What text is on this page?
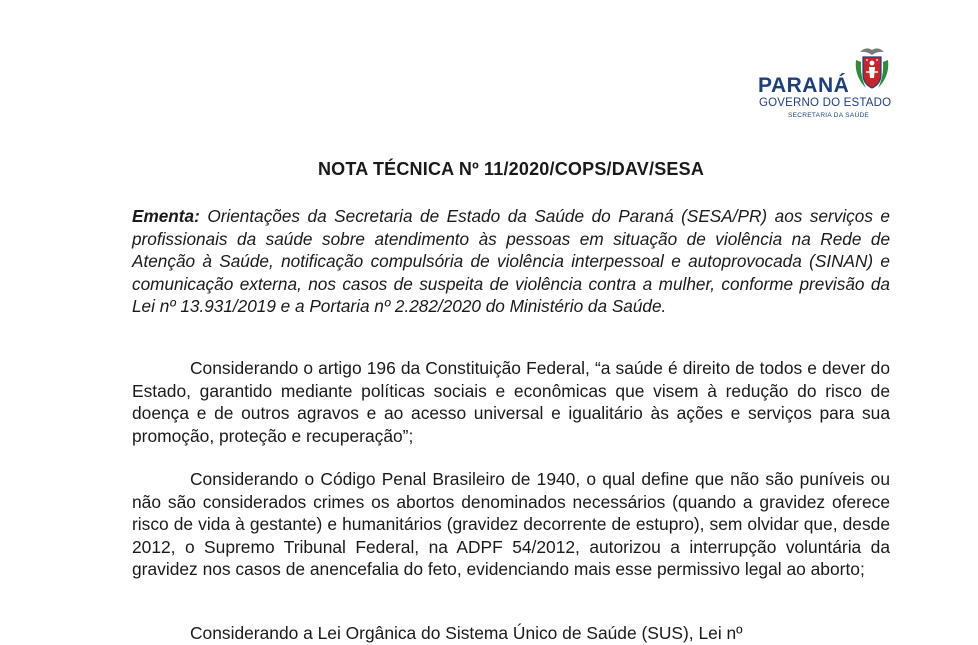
PARANÁ
GOVERNO DO ESTADO
SECRETARIA DA SAÚDE
NOTA TÉCNICA Nº 11/2020/COPS/DAV/SESA
Ementa: Orientações da Secretaria de Estado da Saúde do Paraná (SESA/PR) aos serviços e profissionais da saúde sobre atendimento às pessoas em situação de violência na Rede de Atenção à Saúde, notificação compulsória de violência interpessoal e autoprovocada (SINAN) e comunicação externa, nos casos de suspeita de violência contra a mulher, conforme previsão da Lei nº 13.931/2019 e a Portaria nº 2.282/2020 do Ministério da Saúde.
Considerando o artigo 196 da Constituição Federal, “a saúde é direito de todos e dever do Estado, garantido mediante políticas sociais e econômicas que visem à redução do risco de doença e de outros agravos e ao acesso universal e igualitário às ações e serviços para sua promoção, proteção e recuperação”;
Considerando o Código Penal Brasileiro de 1940, o qual define que não são puníveis ou não são considerados crimes os abortos denominados necessários (quando a gravidez oferece risco de vida à gestante) e humanitários (gravidez decorrente de estupro), sem olvidar que, desde 2012, o Supremo Tribunal Federal, na ADPF 54/2012, autorizou a interrupção voluntária da gravidez nos casos de anencefalia do feto, evidenciando mais esse permissivo legal ao aborto;
Considerando a Lei Orgânica do Sistema Único de Saúde (SUS), Lei nº
